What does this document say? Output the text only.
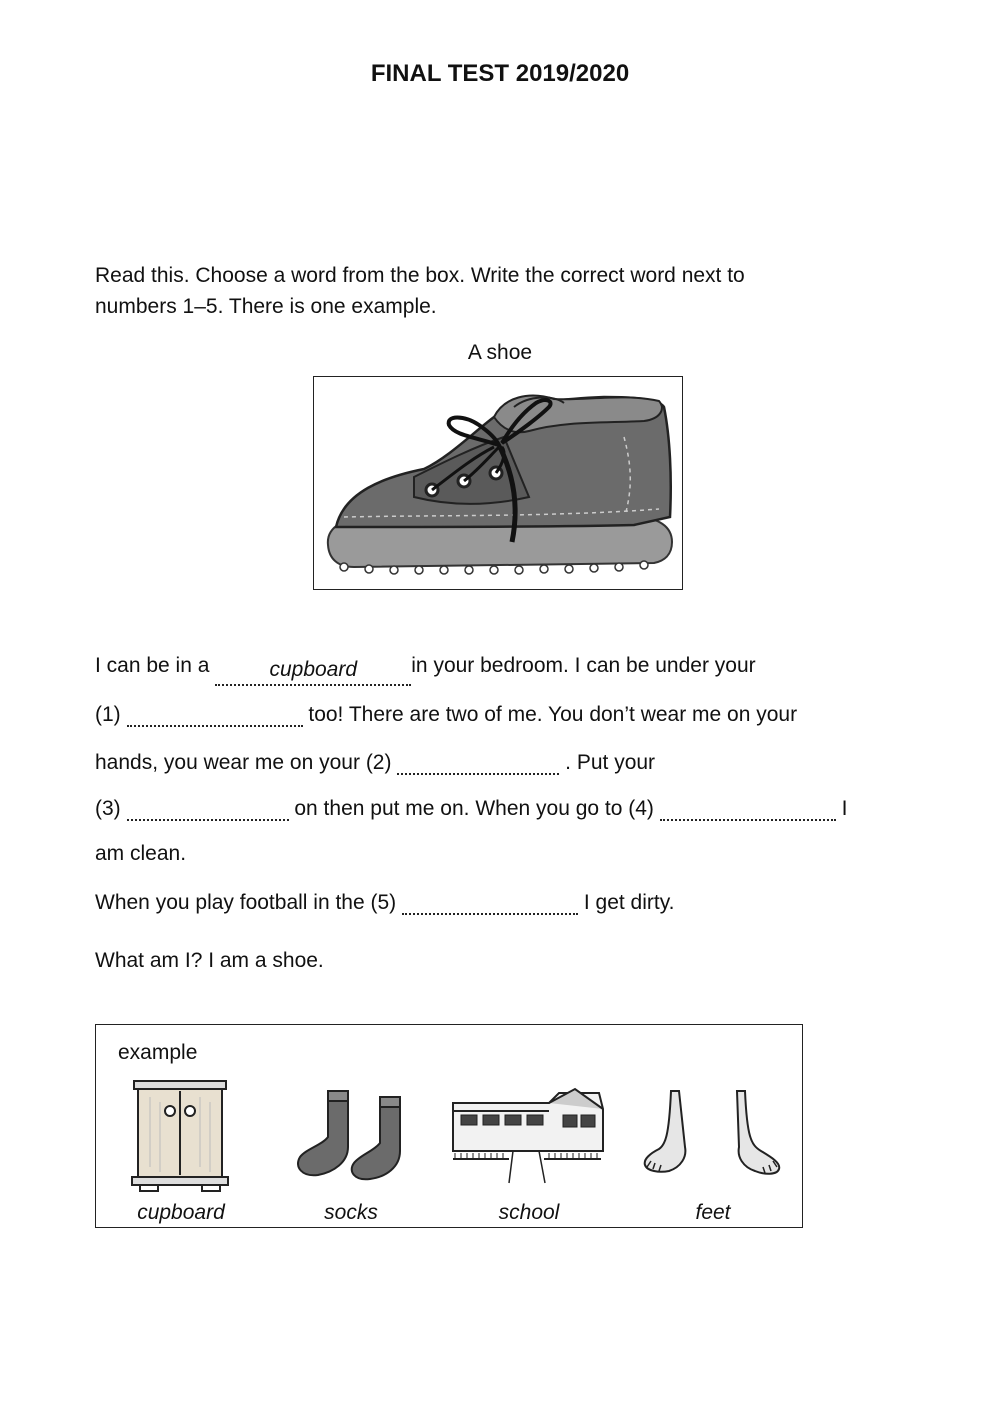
FINAL TEST 2019/2020
Read this. Choose a word from the box. Write the correct word next to
numbers 1–5. There is one example.
A shoe
I can be in a	cupboard	in your bedroom. I can be under your
(1)	too! There are two of me. You don’t wear me on your
hands, you wear me on your (2)	. Put your
(3)	on then put me on. When you go to (4)	I
am clean.
When you play football in the (5)	I get dirty.
What am I? I am a shoe.
example
cupboard	socks	school	feet
